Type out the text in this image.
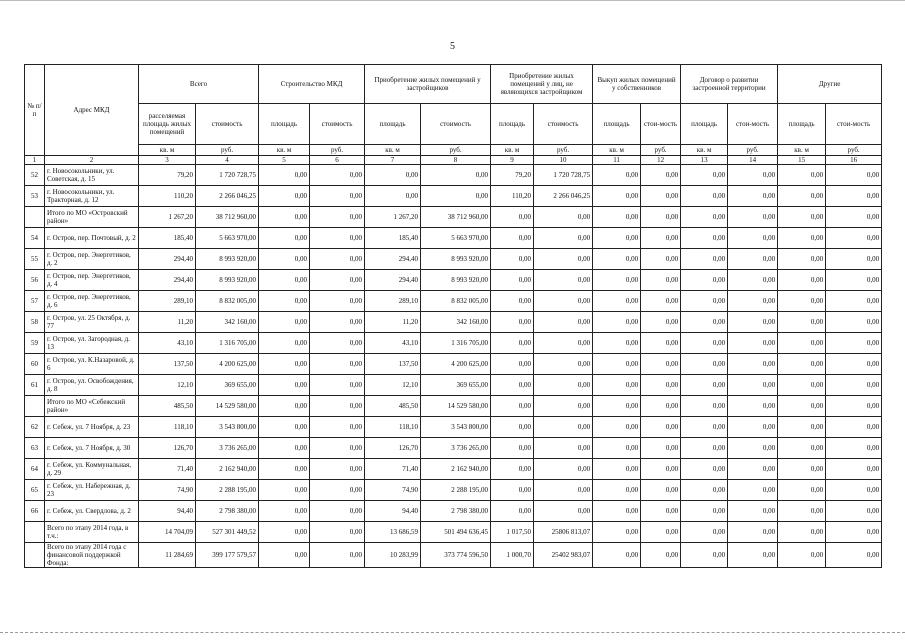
5
№ п/п	Адрес МКД	Всего		Строительство МКД		Приобретение жилых помещений у застройщиков		Приобретение жилых помещений у лиц, не являющихся застройщиком		Выкуп жилых помещений у собственников		Договор о развитии застроенной территории		Другие	
		расселяемая площадь жилых помещений	стоимость	площадь	стоимость	площадь	стоимость	площадь	стоимость	площадь	стои-мость	площадь	стои-мость	площадь	стои-мость
		кв. м	руб.	кв. м	руб.	кв. м	руб.	кв. м	руб.	кв. м	руб.	кв. м	руб.	кв. м	руб.
1	2	3	4	5	6	7	8	9	10	11	12	13	14	15	16
52	г. Новосокольники, ул. Советская, д. 15	79,20	1 720 728,75	0,00	0,00	0,00	0,00	79,20	1 720 728,75	0,00	0,00	0,00	0,00	0,00	0,00
53	г. Новосокольники, ул. Тракторная, д. 12	110,20	2 266 046,25	0,00	0,00	0,00	0,00	110,20	2 266 046,25	0,00	0,00	0,00	0,00	0,00	0,00
	Итого по МО «Островский район»	1 267,20	38 712 960,00	0,00	0,00	1 267,20	38 712 960,00	0,00	0,00	0,00	0,00	0,00	0,00	0,00	0,00
54	г. Остров, пер. Почтовый, д. 2	185,40	5 663 970,00	0,00	0,00	185,40	5 663 970,00	0,00	0,00	0,00	0,00	0,00	0,00	0,00	0,00
55	г. Остров, пер. Энергетиков, д. 2	294,40	8 993 920,00	0,00	0,00	294,40	8 993 920,00	0,00	0,00	0,00	0,00	0,00	0,00	0,00	0,00
56	г. Остров, пер. Энергетиков, д. 4	294,40	8 993 920,00	0,00	0,00	294,40	8 993 920,00	0,00	0,00	0,00	0,00	0,00	0,00	0,00	0,00
57	г. Остров, пер. Энергетиков, д. 6	289,10	8 832 005,00	0,00	0,00	289,10	8 832 005,00	0,00	0,00	0,00	0,00	0,00	0,00	0,00	0,00
58	г. Остров, ул. 25 Октября, д. 77	11,20	342 160,00	0,00	0,00	11,20	342 160,00	0,00	0,00	0,00	0,00	0,00	0,00	0,00	0,00
59	г. Остров, ул. Загородная, д. 13	43,10	1 316 705,00	0,00	0,00	43,10	1 316 705,00	0,00	0,00	0,00	0,00	0,00	0,00	0,00	0,00
60	г. Остров, ул. К.Назаровой, д. 6	137,50	4 200 625,00	0,00	0,00	137,50	4 200 625,00	0,00	0,00	0,00	0,00	0,00	0,00	0,00	0,00
61	г. Остров, ул. Освобождения, д. 8	12,10	369 655,00	0,00	0,00	12,10	369 655,00	0,00	0,00	0,00	0,00	0,00	0,00	0,00	0,00
	Итого по МО «Себежский район»	485,50	14 529 580,00	0,00	0,00	485,50	14 529 580,00	0,00	0,00	0,00	0,00	0,00	0,00	0,00	0,00
62	г. Себеж, ул. 7 Ноября, д. 23	118,10	3 543 800,00	0,00	0,00	118,10	3 543 800,00	0,00	0,00	0,00	0,00	0,00	0,00	0,00	0,00
63	г. Себеж, ул. 7 Ноября, д. 30	126,70	3 736 265,00	0,00	0,00	126,70	3 736 265,00	0,00	0,00	0,00	0,00	0,00	0,00	0,00	0,00
64	г. Себеж, ул. Коммунальная, д. 29	71,40	2 162 940,00	0,00	0,00	71,40	2 162 940,00	0,00	0,00	0,00	0,00	0,00	0,00	0,00	0,00
65	г. Себеж, ул. Набережная, д. 23	74,90	2 288 195,00	0,00	0,00	74,90	2 288 195,00	0,00	0,00	0,00	0,00	0,00	0,00	0,00	0,00
66	г. Себеж, ул. Свердлова, д. 2	94,40	2 798 380,00	0,00	0,00	94,40	2 798 380,00	0,00	0,00	0,00	0,00	0,00	0,00	0,00	0,00
	Всего по этапу 2014 года, в т.ч.:	14 704,09	527 301 449,52	0,00	0,00	13 686,59	501 494 636,45	1 017,50	25806 813,07	0,00	0,00	0,00	0,00	0,00	0,00
	Всего по этапу 2014 года с финансовой поддержкой Фонда:	11 284,69	399 177 579,57	0,00	0,00	10 283,99	373 774 596,50	1 000,70	25402 983,07	0,00	0,00	0,00	0,00	0,00	0,00
